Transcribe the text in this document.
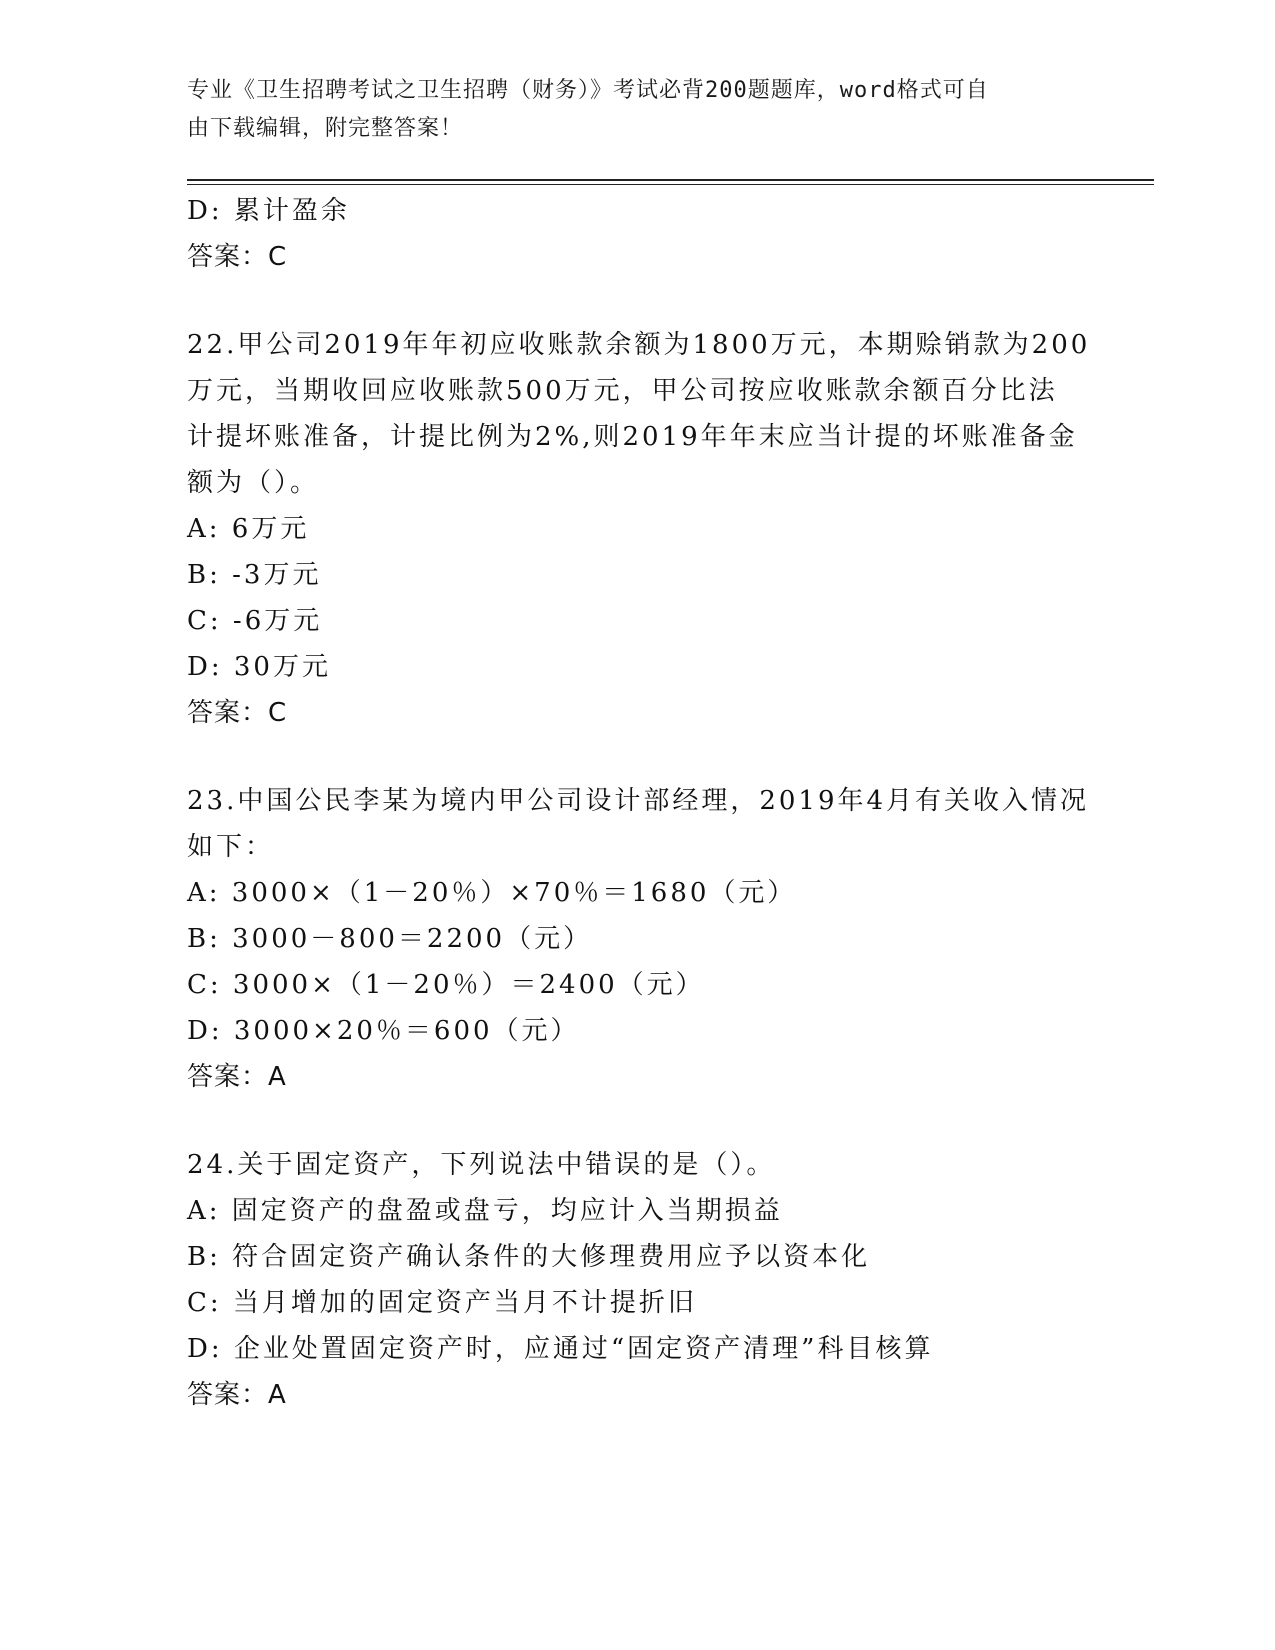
专业《卫生招聘考试之卫生招聘（财务）》考试必背200题题库，word格式可自
由下载编辑，附完整答案！
D: 累计盈余
答案：C
22.甲公司2019年年初应收账款余额为1800万元，本期赊销款为200
万元，当期收回应收账款500万元，甲公司按应收账款余额百分比法
计提坏账准备，计提比例为2%,则2019年年末应当计提的坏账准备金
额为（）。
A: 6万元
B: -3万元
C: -6万元
D: 30万元
答案：C
23.中国公民李某为境内甲公司设计部经理，2019年4月有关收入情况
如下：
A: 3000×（1－20％）×70％＝1680（元）
B: 3000－800＝2200（元）
C: 3000×（1－20％）＝2400（元）
D: 3000×20％＝600（元）
答案：A
24.关于固定资产，下列说法中错误的是（）。
A: 固定资产的盘盈或盘亏，均应计入当期损益
B: 符合固定资产确认条件的大修理费用应予以资本化
C: 当月增加的固定资产当月不计提折旧
D: 企业处置固定资产时，应通过“固定资产清理”科目核算
答案：A
